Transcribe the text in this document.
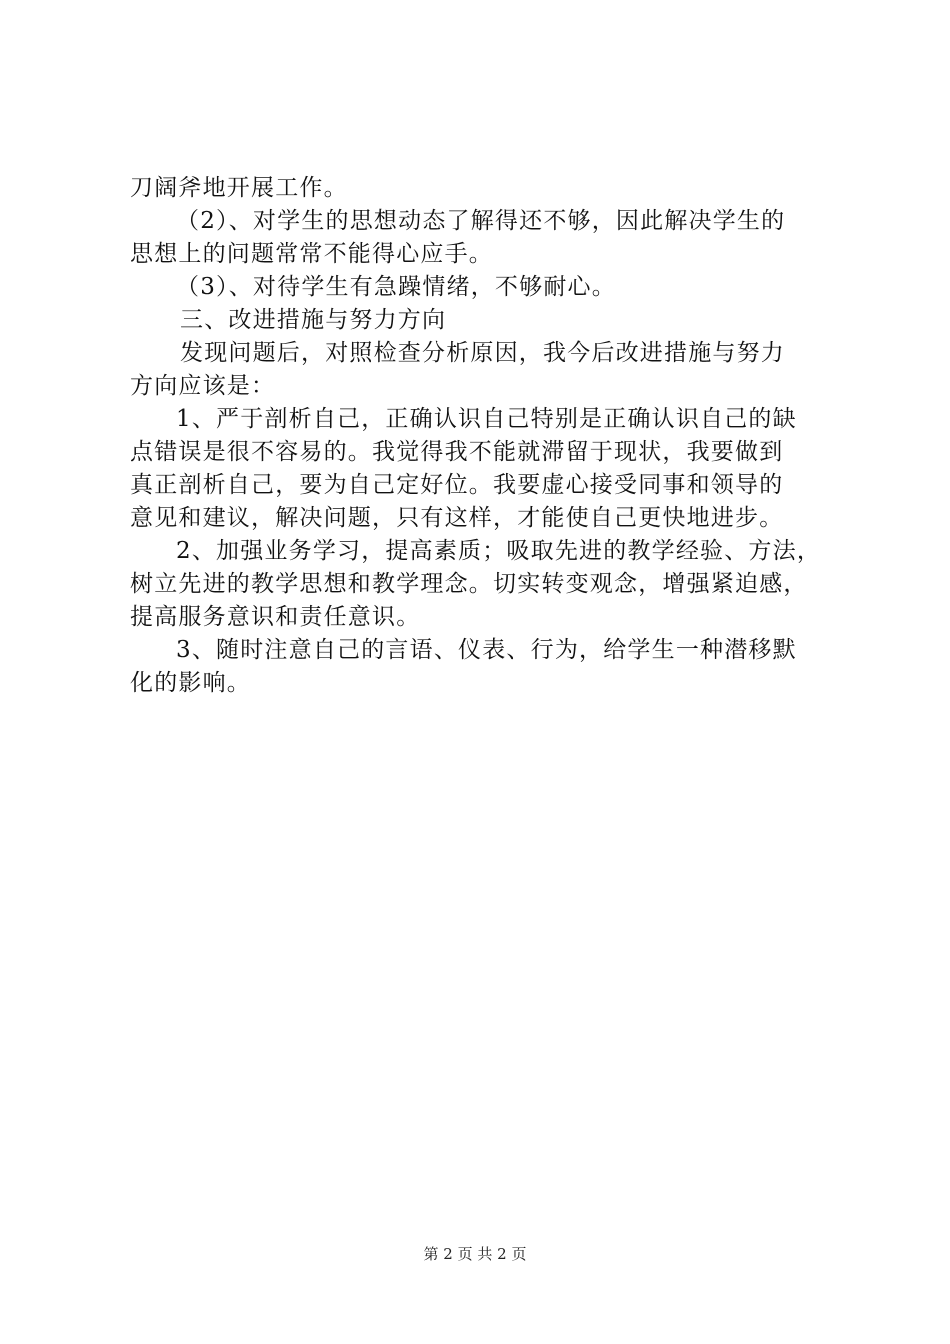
刀阔斧地开展工作。
（2）、对学生的思想动态了解得还不够，因此解决学生的
思想上的问题常常不能得心应手。
（3）、对待学生有急躁情绪，不够耐心。
三、改进措施与努力方向
发现问题后，对照检查分析原因，我今后改进措施与努力
方向应该是：
1、严于剖析自己，正确认识自己特别是正确认识自己的缺
点错误是很不容易的。我觉得我不能就滞留于现状，我要做到
真正剖析自己，要为自己定好位。我要虚心接受同事和领导的
意见和建议，解决问题，只有这样，才能使自己更快地进步。
2、加强业务学习，提高素质；吸取先进的教学经验、方法，
树立先进的教学思想和教学理念。切实转变观念，增强紧迫感，
提高服务意识和责任意识。
3、随时注意自己的言语、仪表、行为，给学生一种潜移默
化的影响。
第 2 页 共 2 页
